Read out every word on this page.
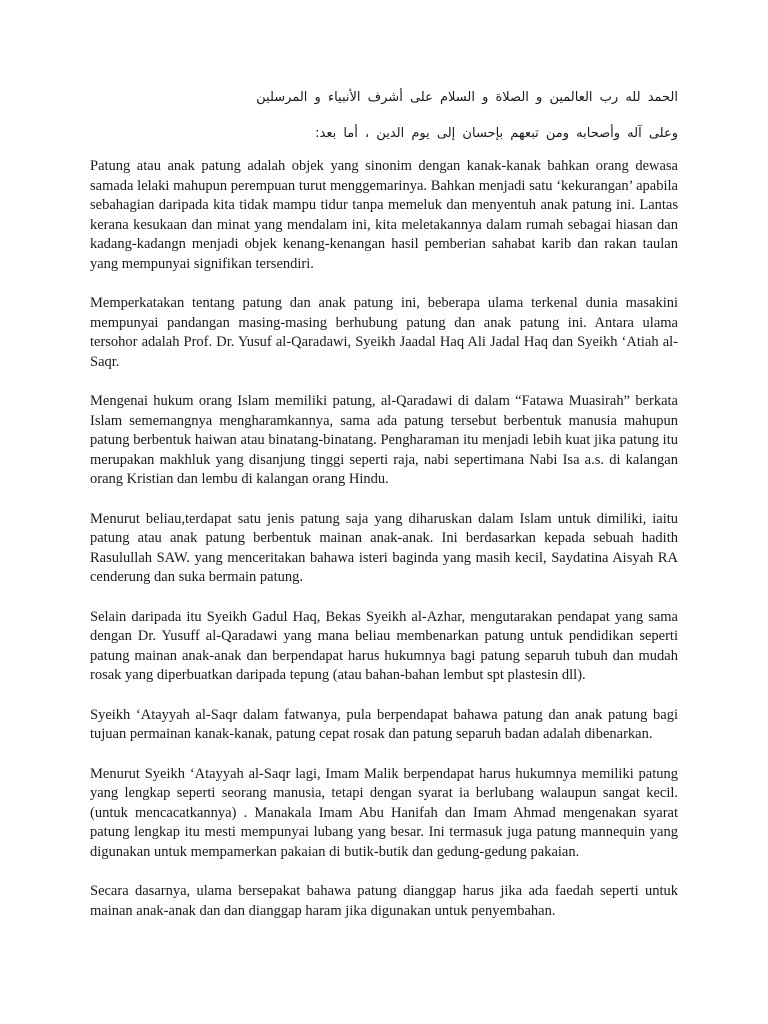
الحمد لله رب العالمين و الصلاة و السلام على أشرف الأنبياء و المرسلين
وعلى آله وأصحابه ومن تبعهم بإحسان إلى يوم الدين ، أما بعد:

Patung atau anak patung adalah objek yang sinonim dengan kanak-kanak bahkan orang dewasa samada lelaki mahupun perempuan turut menggemarinya. Bahkan menjadi satu ‘kekurangan’ apabila sebahagian daripada kita tidak mampu tidur tanpa memeluk dan menyentuh anak patung ini. Lantas kerana kesukaan dan minat yang mendalam ini, kita meletakannya dalam rumah sebagai hiasan dan kadang-kadangn menjadi objek kenang-kenangan hasil pemberian sahabat karib dan rakan taulan yang mempunyai signifikan tersendiri.

Memperkatakan tentang patung dan anak patung ini, beberapa ulama terkenal dunia masakini mempunyai pandangan masing-masing berhubung patung dan anak patung ini. Antara ulama tersohor adalah Prof. Dr. Yusuf al-Qaradawi, Syeikh Jaadal Haq Ali Jadal Haq dan Syeikh ‘Atiah al- Saqr.

Mengenai hukum orang Islam memiliki patung, al-Qaradawi di dalam “Fatawa Muasirah” berkata Islam sememangnya mengharamkannya, sama ada patung tersebut berbentuk manusia mahupun patung berbentuk haiwan atau binatang-binatang. Pengharaman itu menjadi lebih kuat jika patung itu merupakan makhluk yang disanjung tinggi seperti raja, nabi sepertimana Nabi Isa a.s. di kalangan orang Kristian dan lembu di kalangan orang Hindu.

Menurut beliau,terdapat satu jenis patung saja yang diharuskan dalam Islam untuk dimiliki, iaitu patung atau anak patung berbentuk mainan anak-anak. Ini berdasarkan kepada sebuah hadith Rasulullah SAW. yang menceritakan bahawa isteri baginda yang masih kecil, Saydatina Aisyah RA cenderung dan suka bermain patung.

Selain daripada itu Syeikh Gadul Haq, Bekas Syeikh al-Azhar, mengutarakan pendapat yang sama dengan Dr. Yusuff al-Qaradawi yang mana beliau membenarkan patung untuk pendidikan seperti patung mainan anak-anak dan berpendapat harus hukumnya bagi patung separuh tubuh dan mudah rosak yang diperbuatkan daripada tepung (atau bahan-bahan lembut spt plastesin dll).

Syeikh ‘Atayyah al-Saqr dalam fatwanya, pula berpendapat bahawa patung dan anak patung bagi tujuan permainan kanak-kanak, patung cepat rosak dan patung separuh badan adalah dibenarkan.

Menurut Syeikh ‘Atayyah al-Saqr lagi, Imam Malik berpendapat harus hukumnya memiliki patung yang lengkap seperti seorang manusia, tetapi dengan syarat ia berlubang walaupun sangat kecil. (untuk mencacatkannya) . Manakala Imam Abu Hanifah dan Imam Ahmad mengenakan syarat patung lengkap itu mesti mempunyai lubang yang besar. Ini termasuk juga patung mannequin yang digunakan untuk mempamerkan pakaian di butik-butik dan gedung-gedung pakaian.

Secara dasarnya, ulama bersepakat bahawa patung dianggap harus jika ada faedah seperti untuk mainan anak-anak dan dan dianggap haram jika digunakan untuk penyembahan.
